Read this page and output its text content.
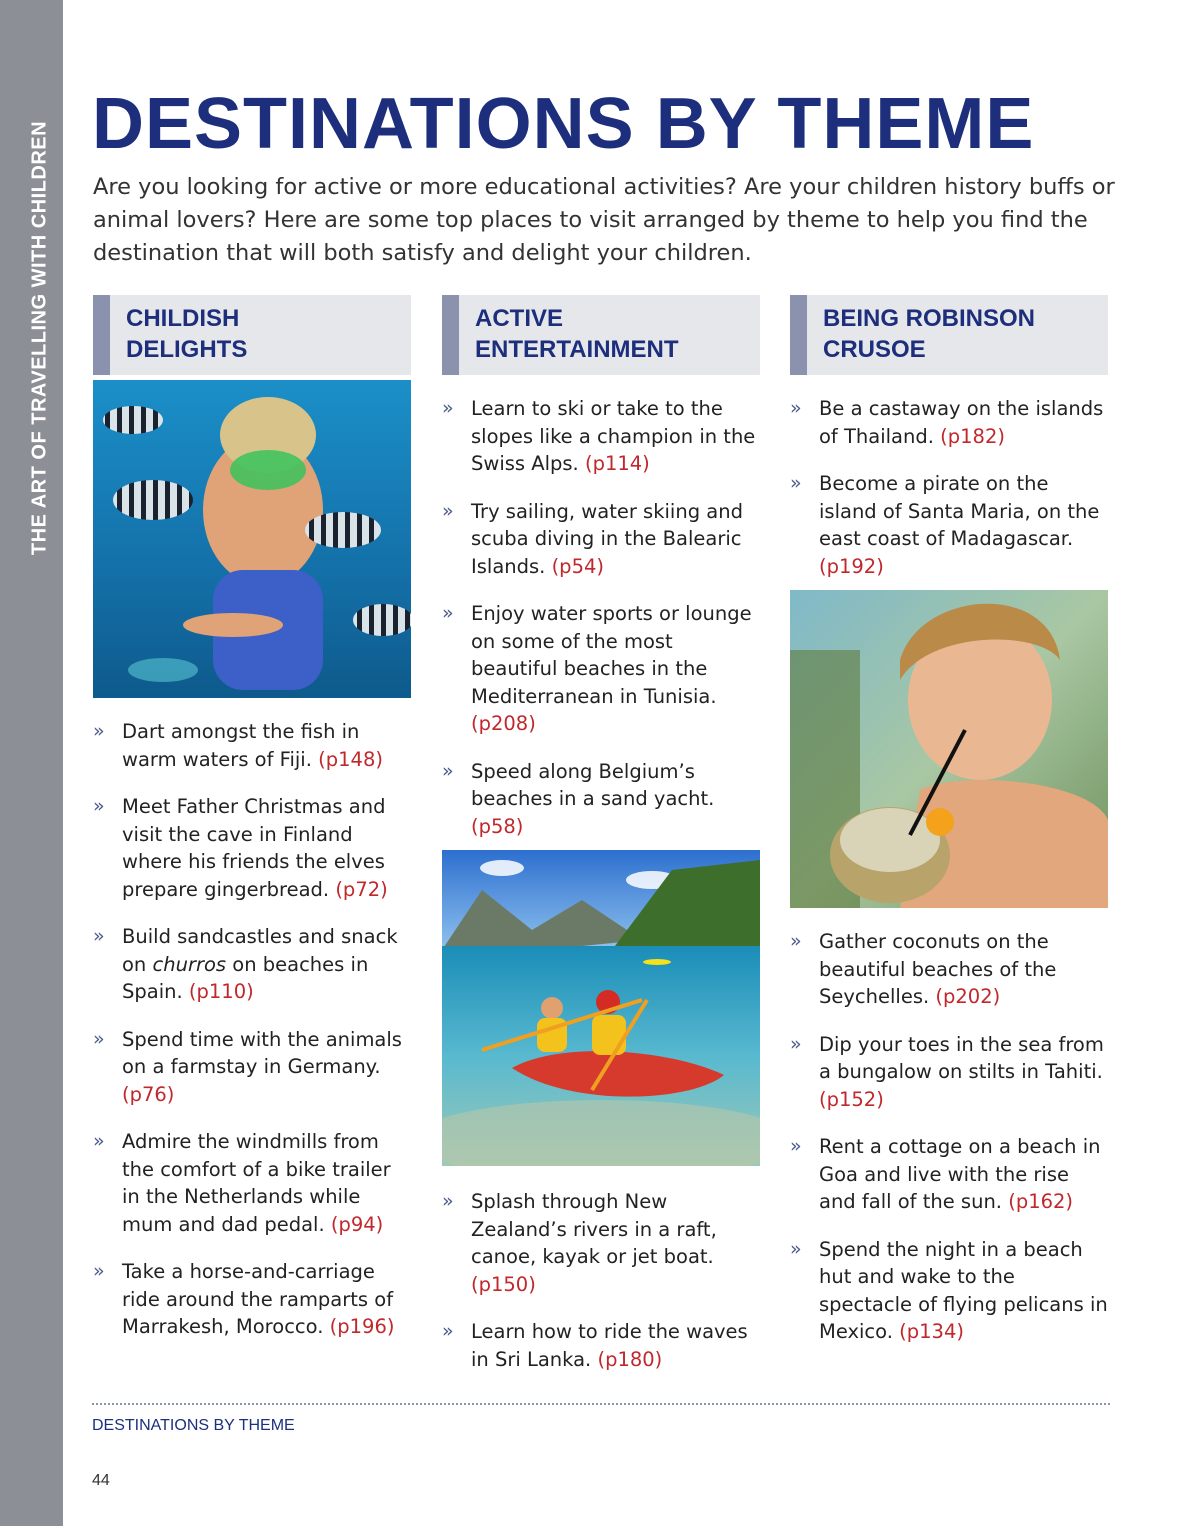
THE ART OF TRAVELLING WITH CHILDREN DESTINATIONS BY THEME

Are you looking for active or more educational activities? Are your children history buffs or animal lovers? Here are some top places to visit arranged by theme to help you find the destination that will both satisfy and delight your children.

CHILDISH
DELIGHTS

» Dart amongst the fish in warm waters of Fiji. (p148)

» Meet Father Christmas and visit the cave in Finland where his friends the elves prepare gingerbread. (p72)

» Build sandcastles and snack on churros on beaches in Spain. (p110)

» Spend time with the animals on a farmstay in Germany. (p76)

» Admire the windmills from the comfort of a bike trailer in the Netherlands while mum and dad pedal. (p94)

» Take a horse-and-carriage ride around the ramparts of Marrakesh, Morocco. (p196)

ACTIVE
ENTERTAINMENT

» Learn to ski or take to the slopes like a champion in the Swiss Alps. (p114)

» Try sailing, water skiing and scuba diving in the Balearic Islands. (p54)

» Enjoy water sports or lounge on some of the most beautiful beaches in the Mediterranean in Tunisia. (p208)

» Speed along Belgium’s beaches in a sand yacht. (p58)

» Splash through New Zealand’s rivers in a raft, canoe, kayak or jet boat. (p150)

» Learn how to ride the waves in Sri Lanka. (p180)

BEING ROBINSON
CRUSOE

» Be a castaway on the islands of Thailand. (p182)

» Become a pirate on the island of Santa Maria, on the east coast of Madagascar. (p192)

» Gather coconuts on the beautiful beaches of the Seychelles. (p202)

» Dip your toes in the sea from a bungalow on stilts in Tahiti. (p152)

» Rent a cottage on a beach in Goa and live with the rise and fall of the sun. (p162)

» Spend the night in a beach hut and wake to the spectacle of flying pelicans in Mexico. (p134)

DESTINATIONS BY THEME
44
